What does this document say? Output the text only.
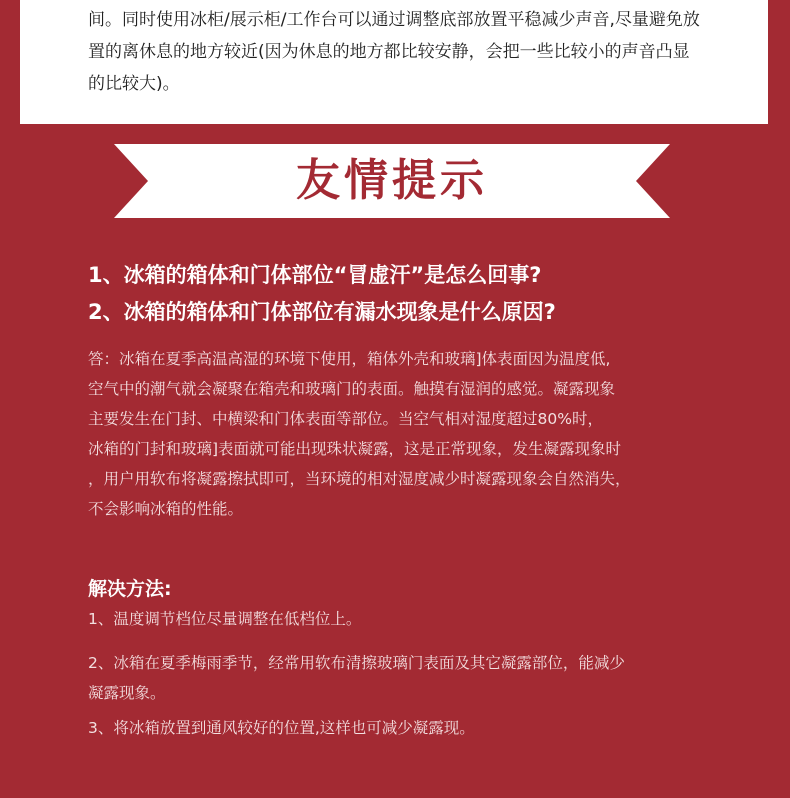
间。同时使用冰柜/展示柜/工作台可以通过调整底部放置平稳减少声音,尽量避免放
置的离休息的地方较近(因为休息的地方都比较安静，会把一些比较小的声音凸显
的比较大)。

友情提示
1、冰箱的箱体和门体部位“冒虚汗”是怎么回事?
2、冰箱的箱体和门体部位有漏水现象是什么原因?
答：冰箱在夏季高温高湿的环境下使用，箱体外壳和玻璃]体表面因为温度低,
空气中的潮气就会凝聚在箱壳和玻璃门的表面。触摸有湿润的感觉。凝露现象
主要发生在门封、中横梁和门体表面等部位。当空气相对湿度超过80%时，
冰箱的门封和玻璃]表面就可能出现珠状凝露，这是正常现象，发生凝露现象时
，用户用软布将凝露擦拭即可，当环境的相对湿度减少时凝露现象会自然消失，
不会影响冰箱的性能。
解决方法:
1、温度调节档位尽量调整在低档位上。
2、冰箱在夏季梅雨季节，经常用软布清擦玻璃门表面及其它凝露部位，能减少
凝露现象。
3、将冰箱放置到通风较好的位置,这样也可减少凝露现。
